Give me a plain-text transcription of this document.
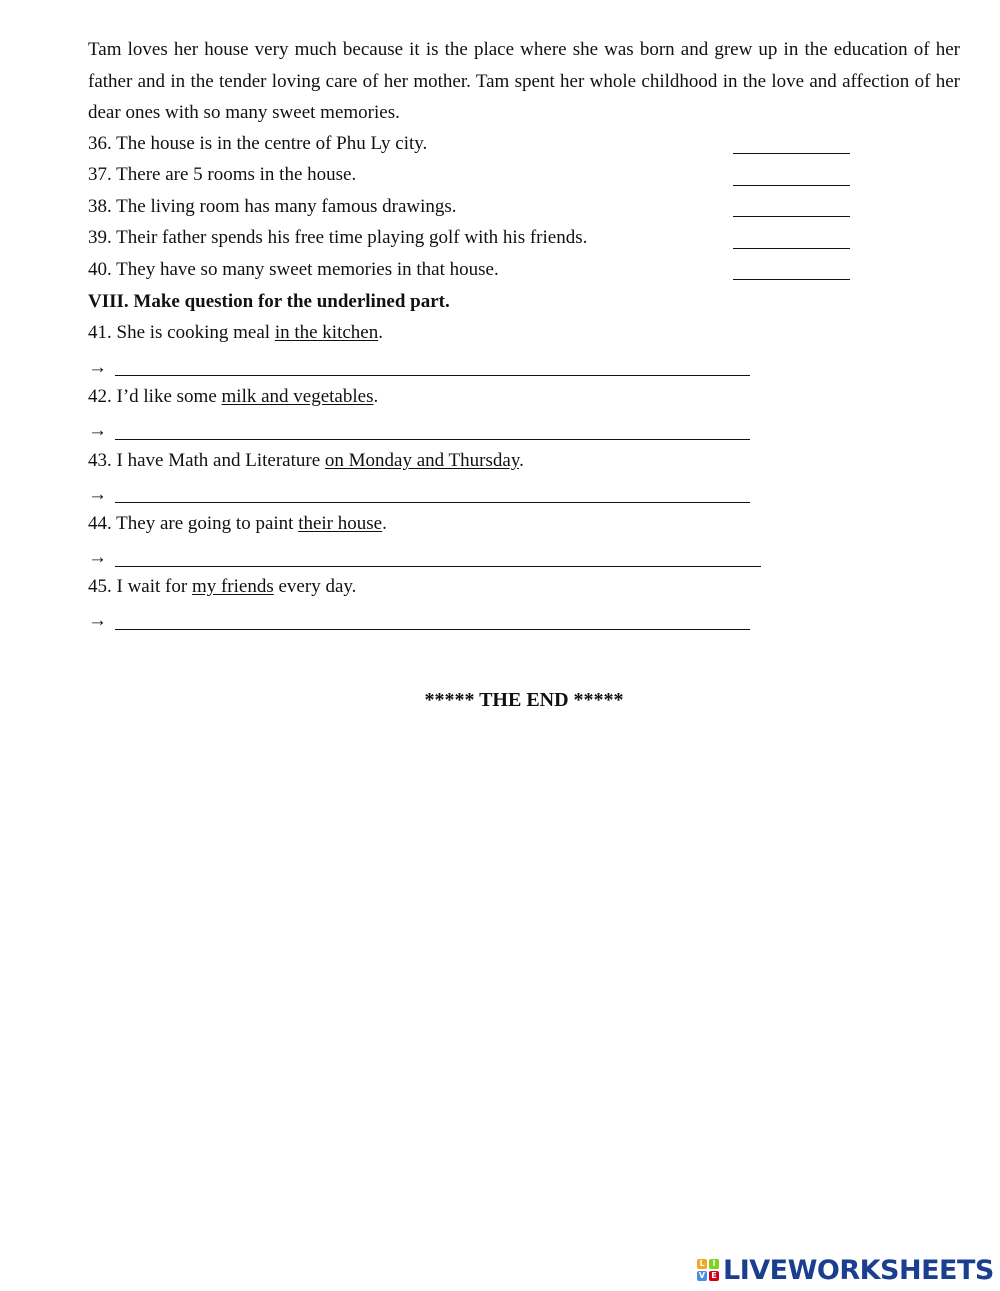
Tam loves her house very much because it is the place where she was born and grew up in the education of her father and in the tender loving care of her mother. Tam spent her whole childhood in the love and affection of her dear ones with so many sweet memories.
36. The house is in the centre of Phu Ly city.
37. There are 5 rooms in the house.
38. The living room has many famous drawings.
39. Their father spends his free time playing golf with his friends.
40. They have so many sweet memories in that house.
VIII. Make question for the underlined part.
41. She is cooking meal in the kitchen.
→
42. I’d like some milk and vegetables.
→
43. I have Math and Literature on Monday and Thursday.
→
44. They are going to paint their house.
→
45. I wait for my friends every day.
→
***** THE END *****
L I
V E LIVEWORKSHEETS
